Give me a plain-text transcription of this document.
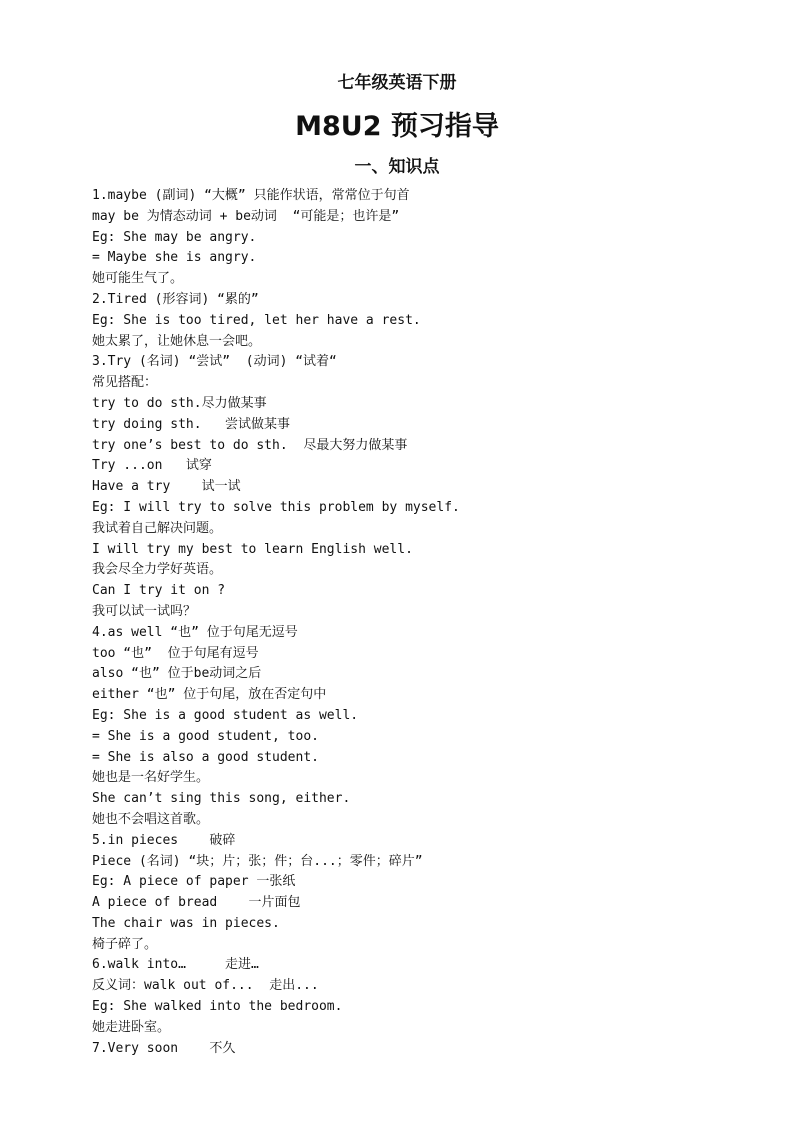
七年级英语下册
M8U2 预习指导
一、知识点
1.maybe (副词) “大概” 只能作状语，常常位于句首
may be 为情态动词 + be动词  “可能是；也许是”
Eg: She may be angry.
= Maybe she is angry.
她可能生气了。
2.Tired (形容词) “累的”
Eg: She is too tired, let her have a rest.
她太累了，让她休息一会吧。
3.Try (名词) “尝试”  (动词) “试着“
常见搭配：
try to do sth.尽力做某事
try doing sth.   尝试做某事
try one’s best to do sth.  尽最大努力做某事
Try ...on   试穿
Have a try    试一试
Eg: I will try to solve this problem by myself.
我试着自己解决问题。
I will try my best to learn English well.
我会尽全力学好英语。
Can I try it on ?
我可以试一试吗？
4.as well “也” 位于句尾无逗号
too “也”  位于句尾有逗号
also “也” 位于be动词之后
either “也” 位于句尾，放在否定句中
Eg: She is a good student as well.
= She is a good student, too.
= She is also a good student.
她也是一名好学生。
She can’t sing this song, either.
她也不会唱这首歌。
5.in pieces    破碎
Piece (名词) “块；片；张；件；台...；零件；碎片”
Eg: A piece of paper 一张纸
A piece of bread    一片面包
The chair was in pieces.
椅子碎了。
6.walk into…     走进…
反义词：walk out of...  走出...
Eg: She walked into the bedroom.
她走进卧室。
7.Very soon    不久
